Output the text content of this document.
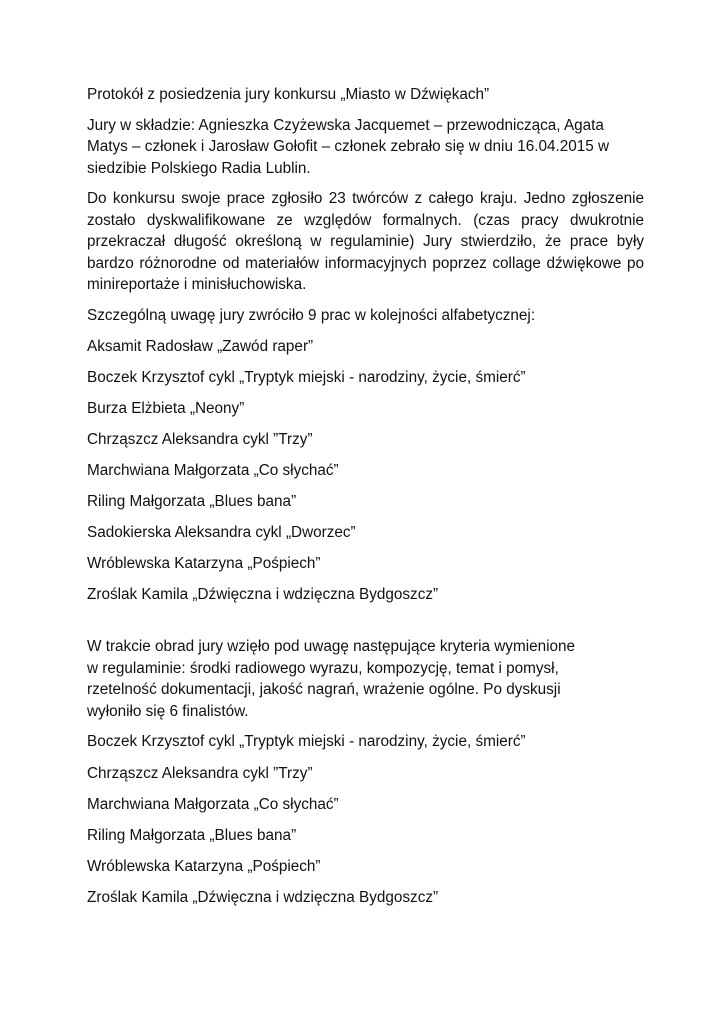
Protokół z posiedzenia jury konkursu „Miasto w Dźwiękach”

Jury w składzie: Agnieszka Czyżewska Jacquemet – przewodnicząca, Agata Matys – członek i Jarosław Gołofit – członek zebrało się w dniu 16.04.2015 w siedzibie Polskiego Radia Lublin.

Do konkursu swoje prace zgłosiło 23 twórców z całego kraju. Jedno zgłoszenie zostało dyskwalifikowane ze względów formalnych. (czas pracy dwukrotnie przekraczał długość określoną w regulaminie) Jury stwierdziło, że prace były bardzo różnorodne od materiałów informacyjnych poprzez collage dźwiękowe po minireportaże i minisłuchowiska.

Szczególną uwagę jury zwróciło 9 prac w kolejności alfabetycznej:

Aksamit Radosław „Zawód raper”

Boczek Krzysztof cykl „Tryptyk miejski - narodziny, życie, śmierć”

Burza Elżbieta „Neony”

Chrząszcz Aleksandra cykl ”Trzy”

Marchwiana Małgorzata „Co słychać”

Riling Małgorzata „Blues bana”

Sadokierska Aleksandra cykl „Dworzec”

Wróblewska Katarzyna „Pośpiech”

Zroślak Kamila „Dźwięczna i wdzięczna Bydgoszcz”

W trakcie obrad jury wzięło pod uwagę następujące kryteria wymienione
w regulaminie: środki radiowego wyrazu, kompozycję, temat i pomysł,
rzetelność dokumentacji, jakość nagrań, wrażenie ogólne. Po dyskusji
wyłoniło się 6 finalistów.

Boczek Krzysztof cykl „Tryptyk miejski - narodziny, życie, śmierć”

Chrząszcz Aleksandra cykl ”Trzy”

Marchwiana Małgorzata „Co słychać”

Riling Małgorzata „Blues bana”

Wróblewska Katarzyna „Pośpiech”

Zroślak Kamila „Dźwięczna i wdzięczna Bydgoszcz”
